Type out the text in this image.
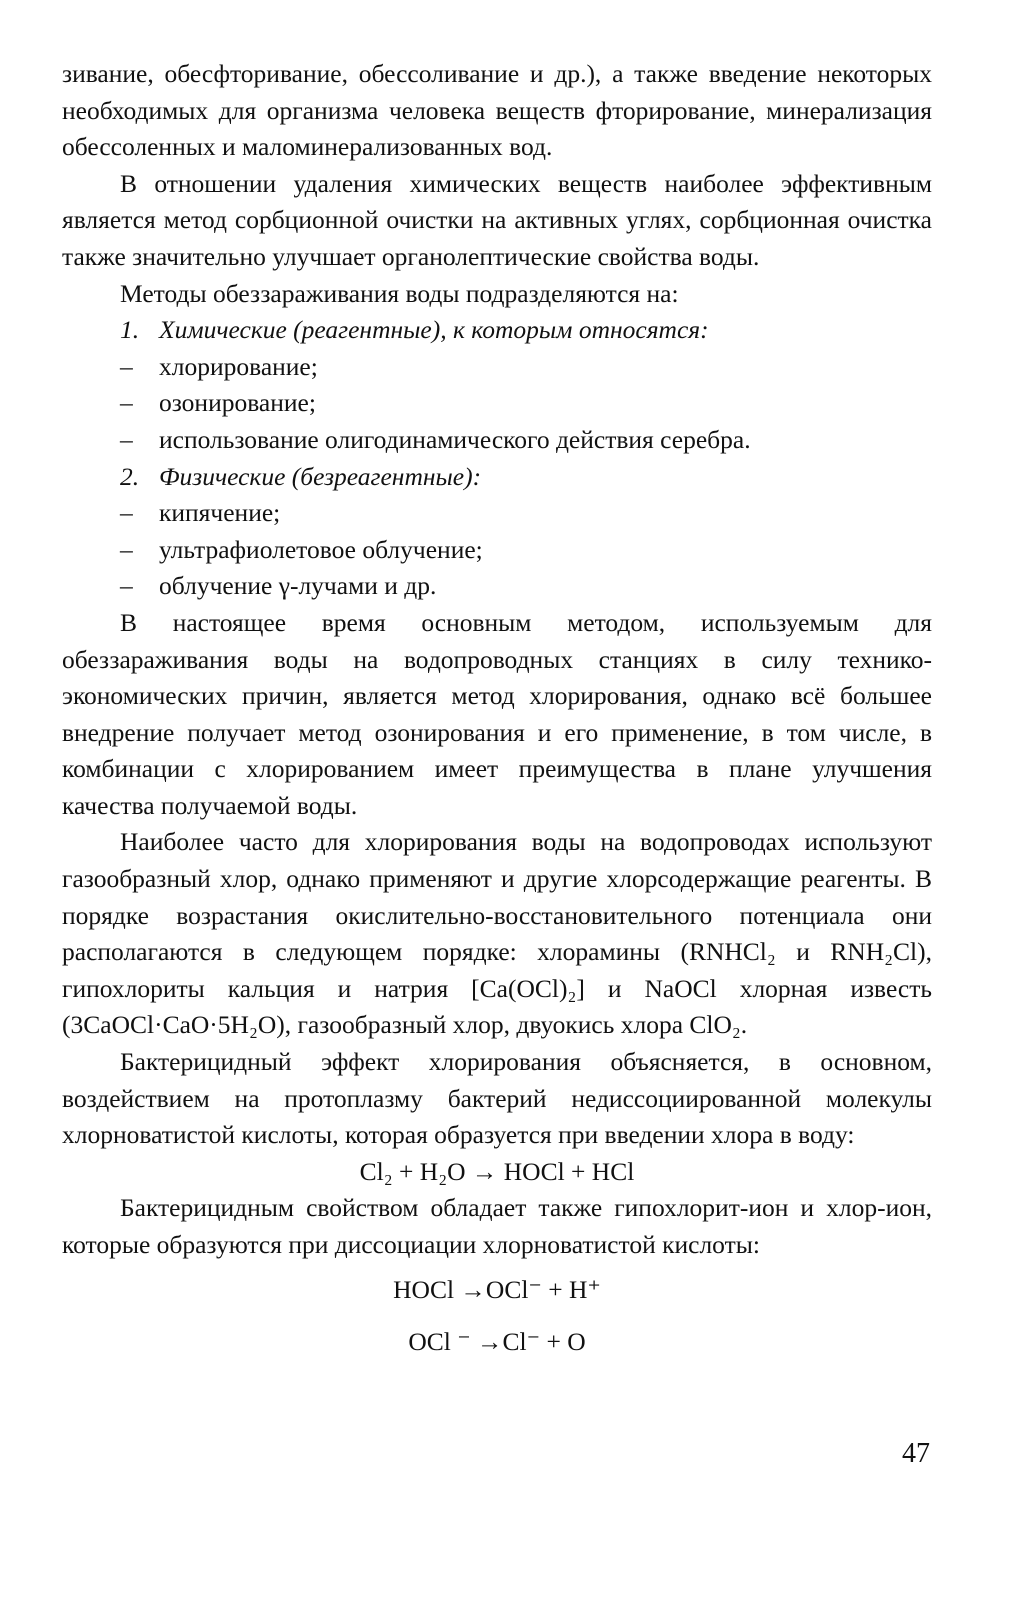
зивание, обесфторивание, обессоливание и др.), а также введение некоторых необходимых для организма человека веществ фторирование, минерализация обессоленных и маломинерализованных вод.

В отношении удаления химических веществ наиболее эффективным является метод сорбционной очистки на активных углях, сорбционная очистка также значительно улучшает органолептические свойства воды.

Методы обеззараживания воды подразделяются на:

1. Химические (реагентные), к которым относятся:
–	хлорирование;
–	озонирование;
–	использование олигодинамического действия серебра.
2. Физические (безреагентные):
–	кипячение;
–	ультрафиолетовое облучение;
–	облучение γ-лучами и др.

В настоящее время основным методом, используемым для обеззараживания воды на водопроводных станциях в силу технико-экономических причин, является метод хлорирования, однако всё большее внедрение получает метод озонирования и его применение, в том числе, в комбинации с хлорированием имеет преимущества в плане улучшения качества получаемой воды.

Наиболее часто для хлорирования воды на водопроводах используют газообразный хлор, однако применяют и другие хлорсодержащие реагенты. В порядке возрастания окислительно-восстановительного потенциала они располагаются в следующем порядке: хлорамины (RNHCl₂ и RNH₂Cl), гипохлориты кальция и натрия [Ca(OCl)₂] и NaOCl хлорная известь (3CaOCl·CaO·5H₂O), газообразный хлор, двуокись хлора ClO₂.

Бактерицидный эффект хлорирования объясняется, в основном, воздействием на протоплазму бактерий недиссоциированной молекулы хлорноватистой кислоты, которая образуется при введении хлора в воду:

Cl₂ + H₂O → HOCl + HCl

Бактерицидным свойством обладает также гипохлорит-ион и хлор-ион, которые образуются при диссоциации хлорноватистой кислоты:

HOCl →OCl⁻ + H⁺

OCl ⁻ →Cl⁻ + O

47
